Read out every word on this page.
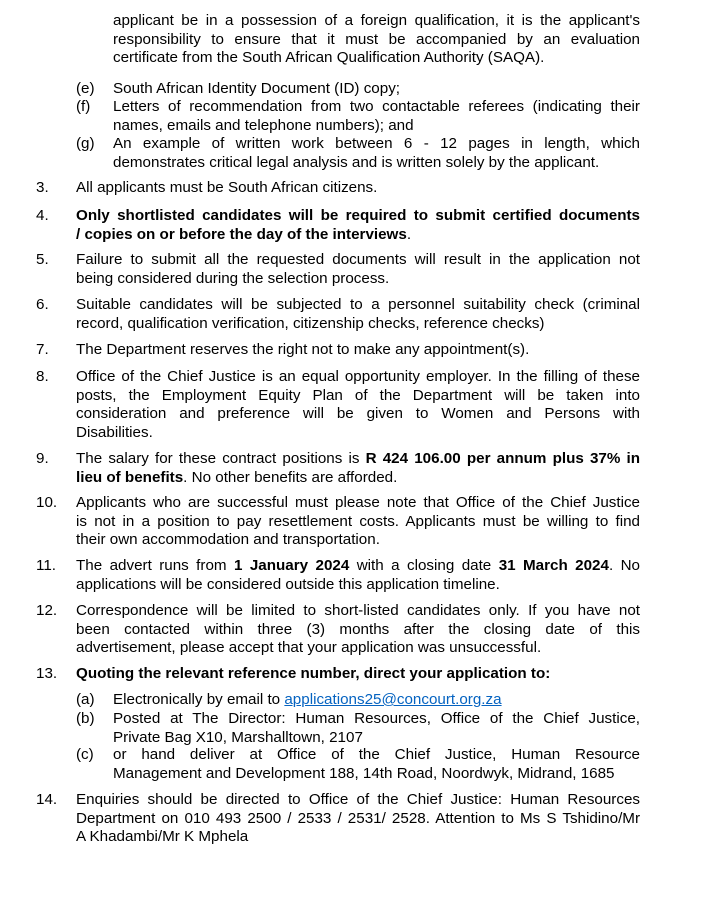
applicant be in a possession of a foreign qualification, it is the applicant's
responsibility to ensure that it must be accompanied by an evaluation
certificate from the South African Qualification Authority (SAQA).
(e)	South African Identity Document (ID) copy;
(f)	Letters of recommendation from two contactable referees (indicating their
names, emails and telephone numbers); and
(g)	An example of written work between 6 - 12 pages in length, which
demonstrates critical legal analysis and is written solely by the applicant.
3.	All applicants must be South African citizens.
4.	Only shortlisted candidates will be required to submit certified documents
/ copies on or before the day of the interviews.
5.	Failure to submit all the requested documents will result in the application not
being considered during the selection process.
6.	Suitable candidates will be subjected to a personnel suitability check (criminal
record, qualification verification, citizenship checks, reference checks)
7.	The Department reserves the right not to make any appointment(s).
8.	Office of the Chief Justice is an equal opportunity employer. In the filling of these
posts, the Employment Equity Plan of the Department will be taken into
consideration and preference will be given to Women and Persons with
Disabilities.
9.	The salary for these contract positions is R 424 106.00 per annum plus 37% in
lieu of benefits. No other benefits are afforded.
10.	Applicants who are successful must please note that Office of the Chief Justice
is not in a position to pay resettlement costs. Applicants must be willing to find
their own accommodation and transportation.
11.	The advert runs from 1 January 2024 with a closing date 31 March 2024. No
applications will be considered outside this application timeline.
12.	Correspondence will be limited to short-listed candidates only. If you have not
been contacted within three (3) months after the closing date of this
advertisement, please accept that your application was unsuccessful.
13.	Quoting the relevant reference number, direct your application to:
(a)	Electronically by email to applications25@concourt.org.za
(b)	Posted at The Director: Human Resources, Office of the Chief Justice,
Private Bag X10, Marshalltown, 2107
(c)	or hand deliver at Office of the Chief Justice, Human Resource
Management and Development 188, 14th Road, Noordwyk, Midrand, 1685
14.	Enquiries should be directed to Office of the Chief Justice: Human Resources
Department on 010 493 2500 / 2533 / 2531/ 2528. Attention to Ms S Tshidino/Mr
A Khadambi/Mr K Mphela
